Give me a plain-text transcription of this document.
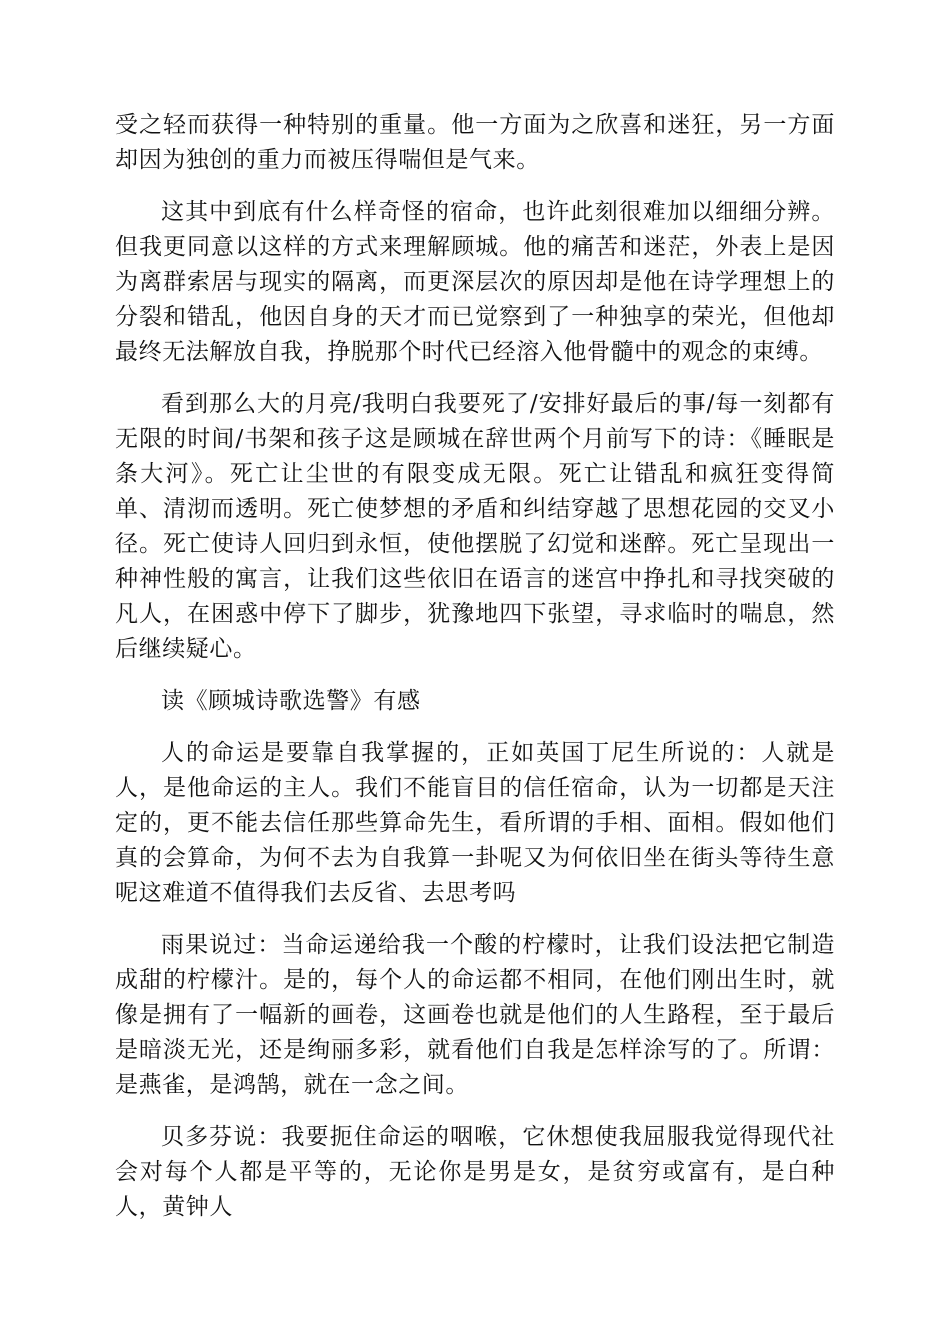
受之轻而获得一种特别的重量。他一方面为之欣喜和迷狂，另一方面却因为独创的重力而被压得喘但是气来。

这其中到底有什么样奇怪的宿命，也许此刻很难加以细细分辨。但我更同意以这样的方式来理解顾城。他的痛苦和迷茫，外表上是因为离群索居与现实的隔离，而更深层次的原因却是他在诗学理想上的分裂和错乱，他因自身的天才而已觉察到了一种独享的荣光，但他却最终无法解放自我，挣脱那个时代已经溶入他骨髓中的观念的束缚。

看到那么大的月亮/我明白我要死了/安排好最后的事/每一刻都有无限的时间/书架和孩子这是顾城在辞世两个月前写下的诗：《睡眠是条大河》。死亡让尘世的有限变成无限。死亡让错乱和疯狂变得简单、清沏而透明。死亡使梦想的矛盾和纠结穿越了思想花园的交叉小径。死亡使诗人回归到永恒，使他摆脱了幻觉和迷醉。死亡呈现出一种神性般的寓言，让我们这些依旧在语言的迷宫中挣扎和寻找突破的凡人，在困惑中停下了脚步，犹豫地四下张望，寻求临时的喘息，然后继续疑心。

读《顾城诗歌选警》有感

人的命运是要靠自我掌握的，正如英国丁尼生所说的：人就是人，是他命运的主人。我们不能盲目的信任宿命，认为一切都是天注定的，更不能去信任那些算命先生，看所谓的手相、面相。假如他们真的会算命，为何不去为自我算一卦呢又为何依旧坐在街头等待生意呢这难道不值得我们去反省、去思考吗

雨果说过：当命运递给我一个酸的柠檬时，让我们设法把它制造成甜的柠檬汁。是的，每个人的命运都不相同，在他们刚出生时，就像是拥有了一幅新的画卷，这画卷也就是他们的人生路程，至于最后是暗淡无光，还是绚丽多彩，就看他们自我是怎样涂写的了。所谓：是燕雀，是鸿鹄，就在一念之间。

贝多芬说：我要扼住命运的咽喉，它休想使我屈服我觉得现代社会对每个人都是平等的，无论你是男是女，是贫穷或富有，是白种人，黄钟人
